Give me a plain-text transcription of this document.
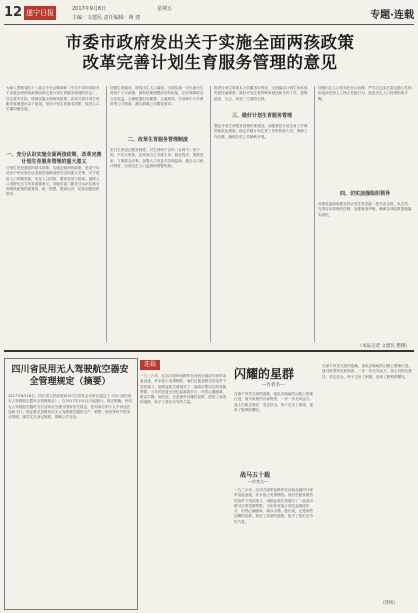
12 遂宁日报	2017年9月8日	星期五
主编：文建民 责任编辑：蒋 建	专题·连载
市委市政府发出关于实施全面两孩政策
改革完善计划生育服务管理的意见
为深入贯彻党的十八届五中全会精神和《中共中央国务院关于实施全面两孩政策改革完善计划生育服务管理的决定》，结合我市实际，现就实施全面两孩政策，改革完善计划生育服务管理提出以下意见。坚持计划生育基本国策，促进人口长期均衡发展。
一、充分认识实施全面两孩政策、改革完善计划生育服务管理的重大意义
计划生育是我国的基本国策。实施全面两孩政策，是党中央站在中华民族长远发展的战略高度作出的重大决策，对于促进人口均衡发展，优化人口结构，增加劳动力供给，减缓人口老龄化压力具有重要意义。各级各部门要充分认识实施全面两孩政策的重要性，统一思想，提高认识，切实加强组织领导。
加强生育服务，提高出生人口素质。全面实施一对夫妻可生育两个子女政策，做好政策调整前后的衔接，依法保障群众合法权益。合理配置妇幼健康、儿童照料、学前和中小学教育等公共资源，满足新增公共服务需求。
二、改革生育服务管理制度
实行生育登记服务制度，对生育两个以内（含两个）孩子的，不实行审批，由家庭自主安排生育。简化程序，提高效率，方便群众办事。加强人口信息共享和监测，健全人口统计制度，完善出生人口监测和预警机制。
推进计划生育基本公共服务均等化，全面落实计划生育家庭奖励扶助制度，做好计划生育特殊家庭扶助关怀工作，加强政府、社会、家庭三方面的支持。
三、做好计划生育服务管理
强化计划生育服务管理体系建设，加强基层计划生育工作网络和队伍建设，稳定乡镇计划生育工作机构和人员，保障工作经费，确保各项工作顺利开展。
加强出生人口性别比综合治理，严厉打击非法鉴定胎儿性别和选择性别人工终止妊娠行为，促进出生人口性别结构平衡。
四、切实加强组织领导
各级党委政府要坚持计划生育党政一把手亲自抓、负总责，完善目标管理责任制，加强督查考核，确保各项政策措施落实到位。
（本报记者 文建民 整理）
四川省民用无人驾驶航空器安全管理规定（摘要）
2017年8月18日，四川省人民政府第157次常务会议审议通过了《四川省民用无人驾驶航空器安全管理规定》，自2017年10月1日起施行。规定明确，民用无人驾驶航空器的飞行活动应当遵守国家有关规定，任何单位和个人不得违法违规飞行。规定要求加强民用无人驾驶航空器的生产、销售、使用等环节的安全管理，落实实名登记制度，保障公共安全。
连载
一九三六年，红四方面军西路军在河西走廊同马家军浴血奋战，许多战士英勇牺牲。他们在极其艰苦的条件下坚持战斗，用鲜血和生命谱写了一曲曲可歌可泣的英雄赞歌。当年的老战士回忆起那段岁月，仍然心潮澎湃，难以平静。他们说，正是那些闪耀的星群，照亮了前进的道路，给予了我们无穷的力量。
闪耀的星群
—作者名—
在那个风雪交加的夜晚，部队在崎岖的山路上艰难行进，战马驮着伤员和物资，一步一步走向远方。战士们相互搀扶，坚定信念，终于走出了困境，迎来了胜利的曙光。
战马五十载
—作者名—
一九三六年，红四方面军西路军在河西走廊同马家军浴血奋战，许多战士英勇牺牲。他们在极其艰苦的条件下坚持战斗，用鲜血和生命谱写了一曲曲可歌可泣的英雄赞歌。当年的老战士回忆起那段岁月，仍然心潮澎湃，难以平静。他们说，正是那些闪耀的星群，照亮了前进的道路，给予了我们无穷的力量。
在那个风雪交加的夜晚，部队在崎岖的山路上艰难行进，战马驮着伤员和物资，一步一步走向远方。战士们相互搀扶，坚定信念，终于走出了困境，迎来了胜利的曙光。
（待续）
